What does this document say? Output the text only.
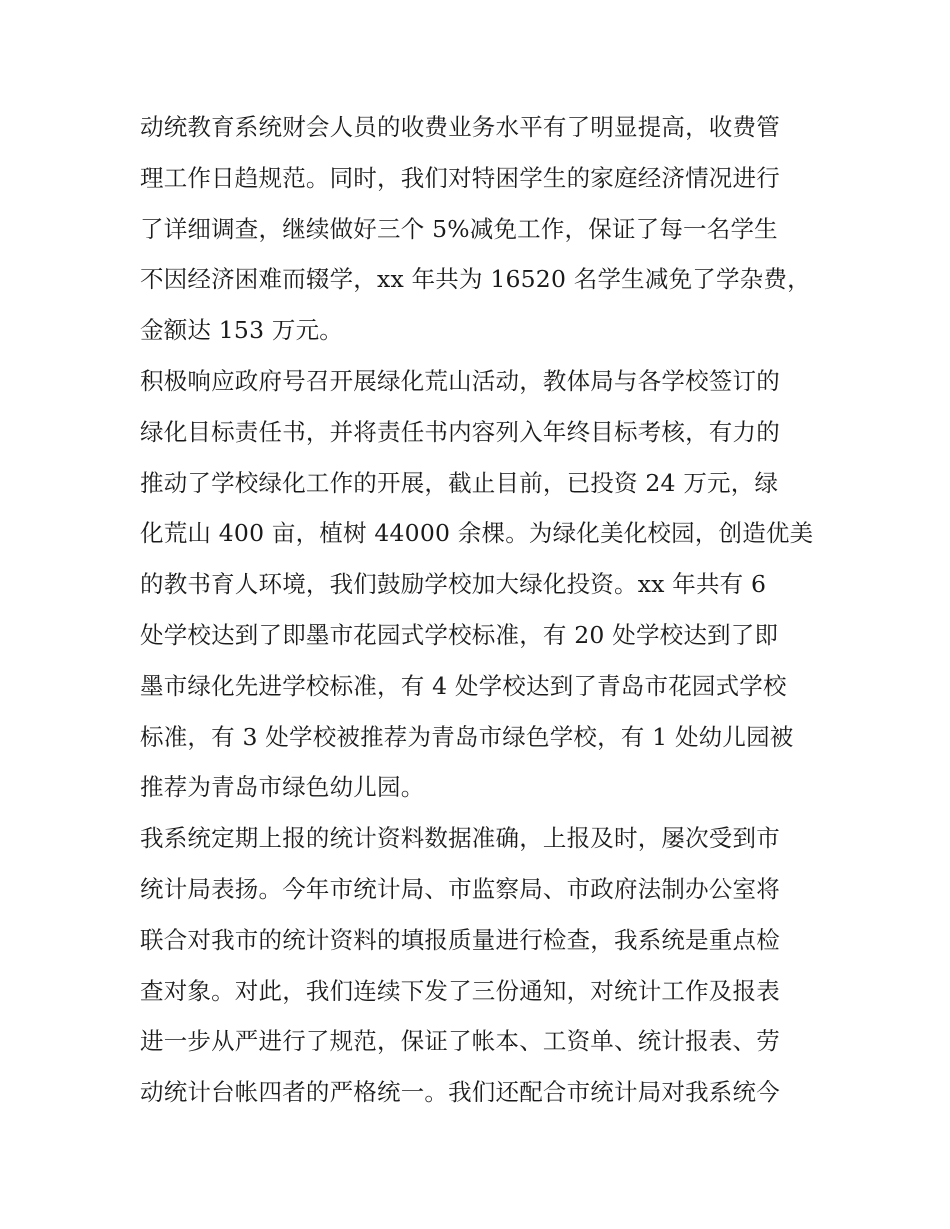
动统教育系统财会人员的收费业务水平有了明显提高，收费管
理工作日趋规范。同时，我们对特困学生的家庭经济情况进行
了详细调查，继续做好三个 5%减免工作，保证了每一名学生
不因经济困难而辍学，xx 年共为 16520 名学生减免了学杂费，
金额达 153 万元。
积极响应政府号召开展绿化荒山活动，教体局与各学校签订的
绿化目标责任书，并将责任书内容列入年终目标考核，有力的
推动了学校绿化工作的开展，截止目前，已投资 24 万元，绿
化荒山 400 亩，植树 44000 余棵。为绿化美化校园，创造优美
的教书育人环境，我们鼓励学校加大绿化投资。xx 年共有 6
处学校达到了即墨市花园式学校标准，有 20 处学校达到了即
墨市绿化先进学校标准，有 4 处学校达到了青岛市花园式学校
标准，有 3 处学校被推荐为青岛市绿色学校，有 1 处幼儿园被
推荐为青岛市绿色幼儿园。
我系统定期上报的统计资料数据准确，上报及时，屡次受到市
统计局表扬。今年市统计局、市监察局、市政府法制办公室将
联合对我市的统计资料的填报质量进行检查，我系统是重点检
查对象。对此，我们连续下发了三份通知，对统计工作及报表
进一步从严进行了规范，保证了帐本、工资单、统计报表、劳
动统计台帐四者的严格统一。我们还配合市统计局对我系统今
